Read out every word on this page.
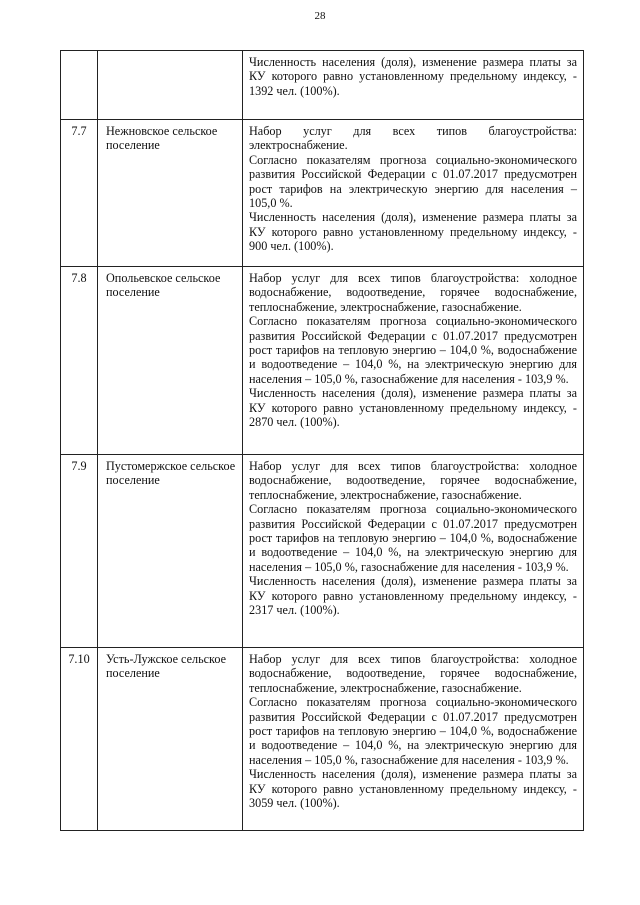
28

		Численность населения (доля), изменение размера платы за КУ которого равно установленному предельному индексу, - 1392 чел. (100%).

7.7	Нежновское сельское поселение	Набор услуг для всех типов благоустройства: электроснабжение.
Согласно показателям прогноза социально-экономического развития Российской Федерации с 01.07.2017 предусмотрен рост тарифов на электрическую энергию для населения – 105,0 %.
Численность населения (доля), изменение размера платы за КУ которого равно установленному предельному индексу, - 900 чел. (100%).

7.8	Опольевское сельское поселение	Набор услуг для всех типов благоустройства: холодное водоснабжение, водоотведение, горячее водоснабжение, теплоснабжение, электроснабжение, газоснабжение.
Согласно показателям прогноза социально-экономического развития Российской Федерации с 01.07.2017 предусмотрен рост тарифов на тепловую энергию – 104,0 %, водоснабжение и водоотведение – 104,0 %, на электрическую энергию для населения – 105,0 %, газоснабжение для населения - 103,9 %.
Численность населения (доля), изменение размера платы за КУ которого равно установленному предельному индексу, - 2870 чел. (100%).

7.9	Пустомержское сельское поселение	Набор услуг для всех типов благоустройства: холодное водоснабжение, водоотведение, горячее водоснабжение, теплоснабжение, электроснабжение, газоснабжение.
Согласно показателям прогноза социально-экономического развития Российской Федерации с 01.07.2017 предусмотрен рост тарифов на тепловую энергию – 104,0 %, водоснабжение и водоотведение – 104,0 %, на электрическую энергию для населения – 105,0 %, газоснабжение для населения - 103,9 %.
Численность населения (доля), изменение размера платы за КУ которого равно установленному предельному индексу, - 2317 чел. (100%).

7.10	Усть-Лужское сельское поселение	Набор услуг для всех типов благоустройства: холодное водоснабжение, водоотведение, горячее водоснабжение, теплоснабжение, электроснабжение, газоснабжение.
Согласно показателям прогноза социально-экономического развития Российской Федерации с 01.07.2017 предусмотрен рост тарифов на тепловую энергию – 104,0 %, водоснабжение и водоотведение – 104,0 %, на электрическую энергию для населения – 105,0 %, газоснабжение для населения - 103,9 %.
Численность населения (доля), изменение размера платы за КУ которого равно установленному предельному индексу, - 3059 чел. (100%).
